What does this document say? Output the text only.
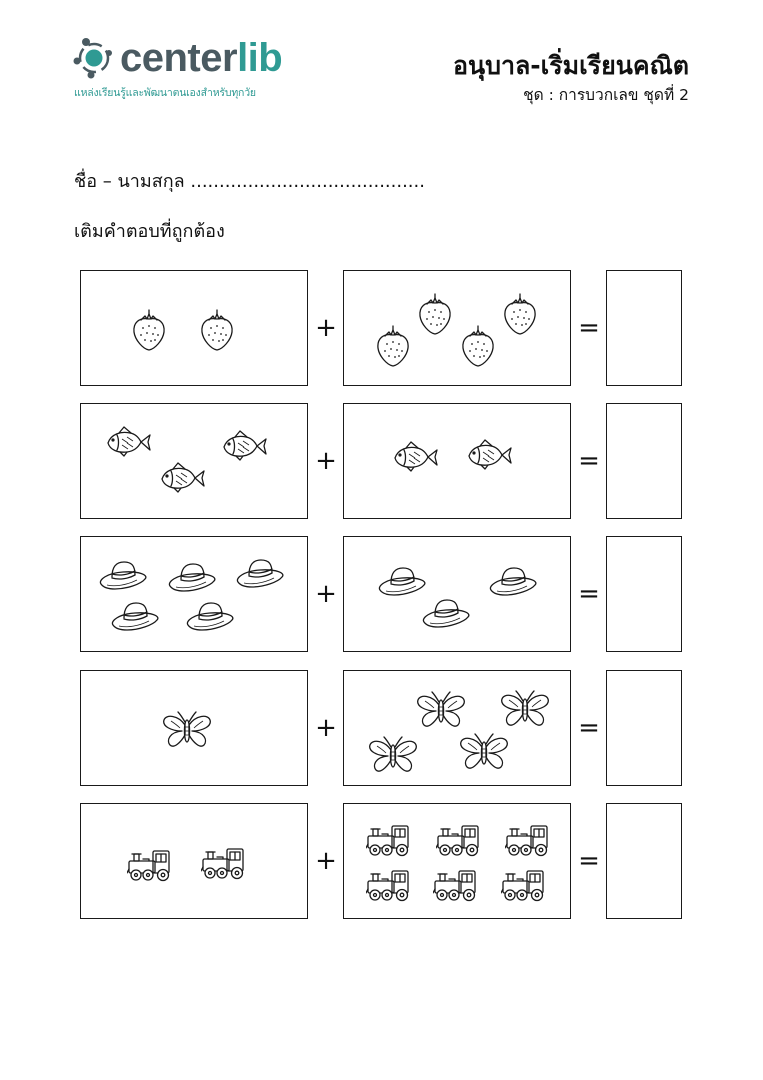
centerlib
แหล่งเรียนรู้และพัฒนาตนเองสำหรับทุกวัย
อนุบาล-เริ่มเรียนคณิต
ชุด : การบวกเลข ชุดที่ 2
ชื่อ – นามสกุล .........................................
เติมคำตอบที่ถูกต้อง
+	=
+	=
+	=
+	=
+	=
